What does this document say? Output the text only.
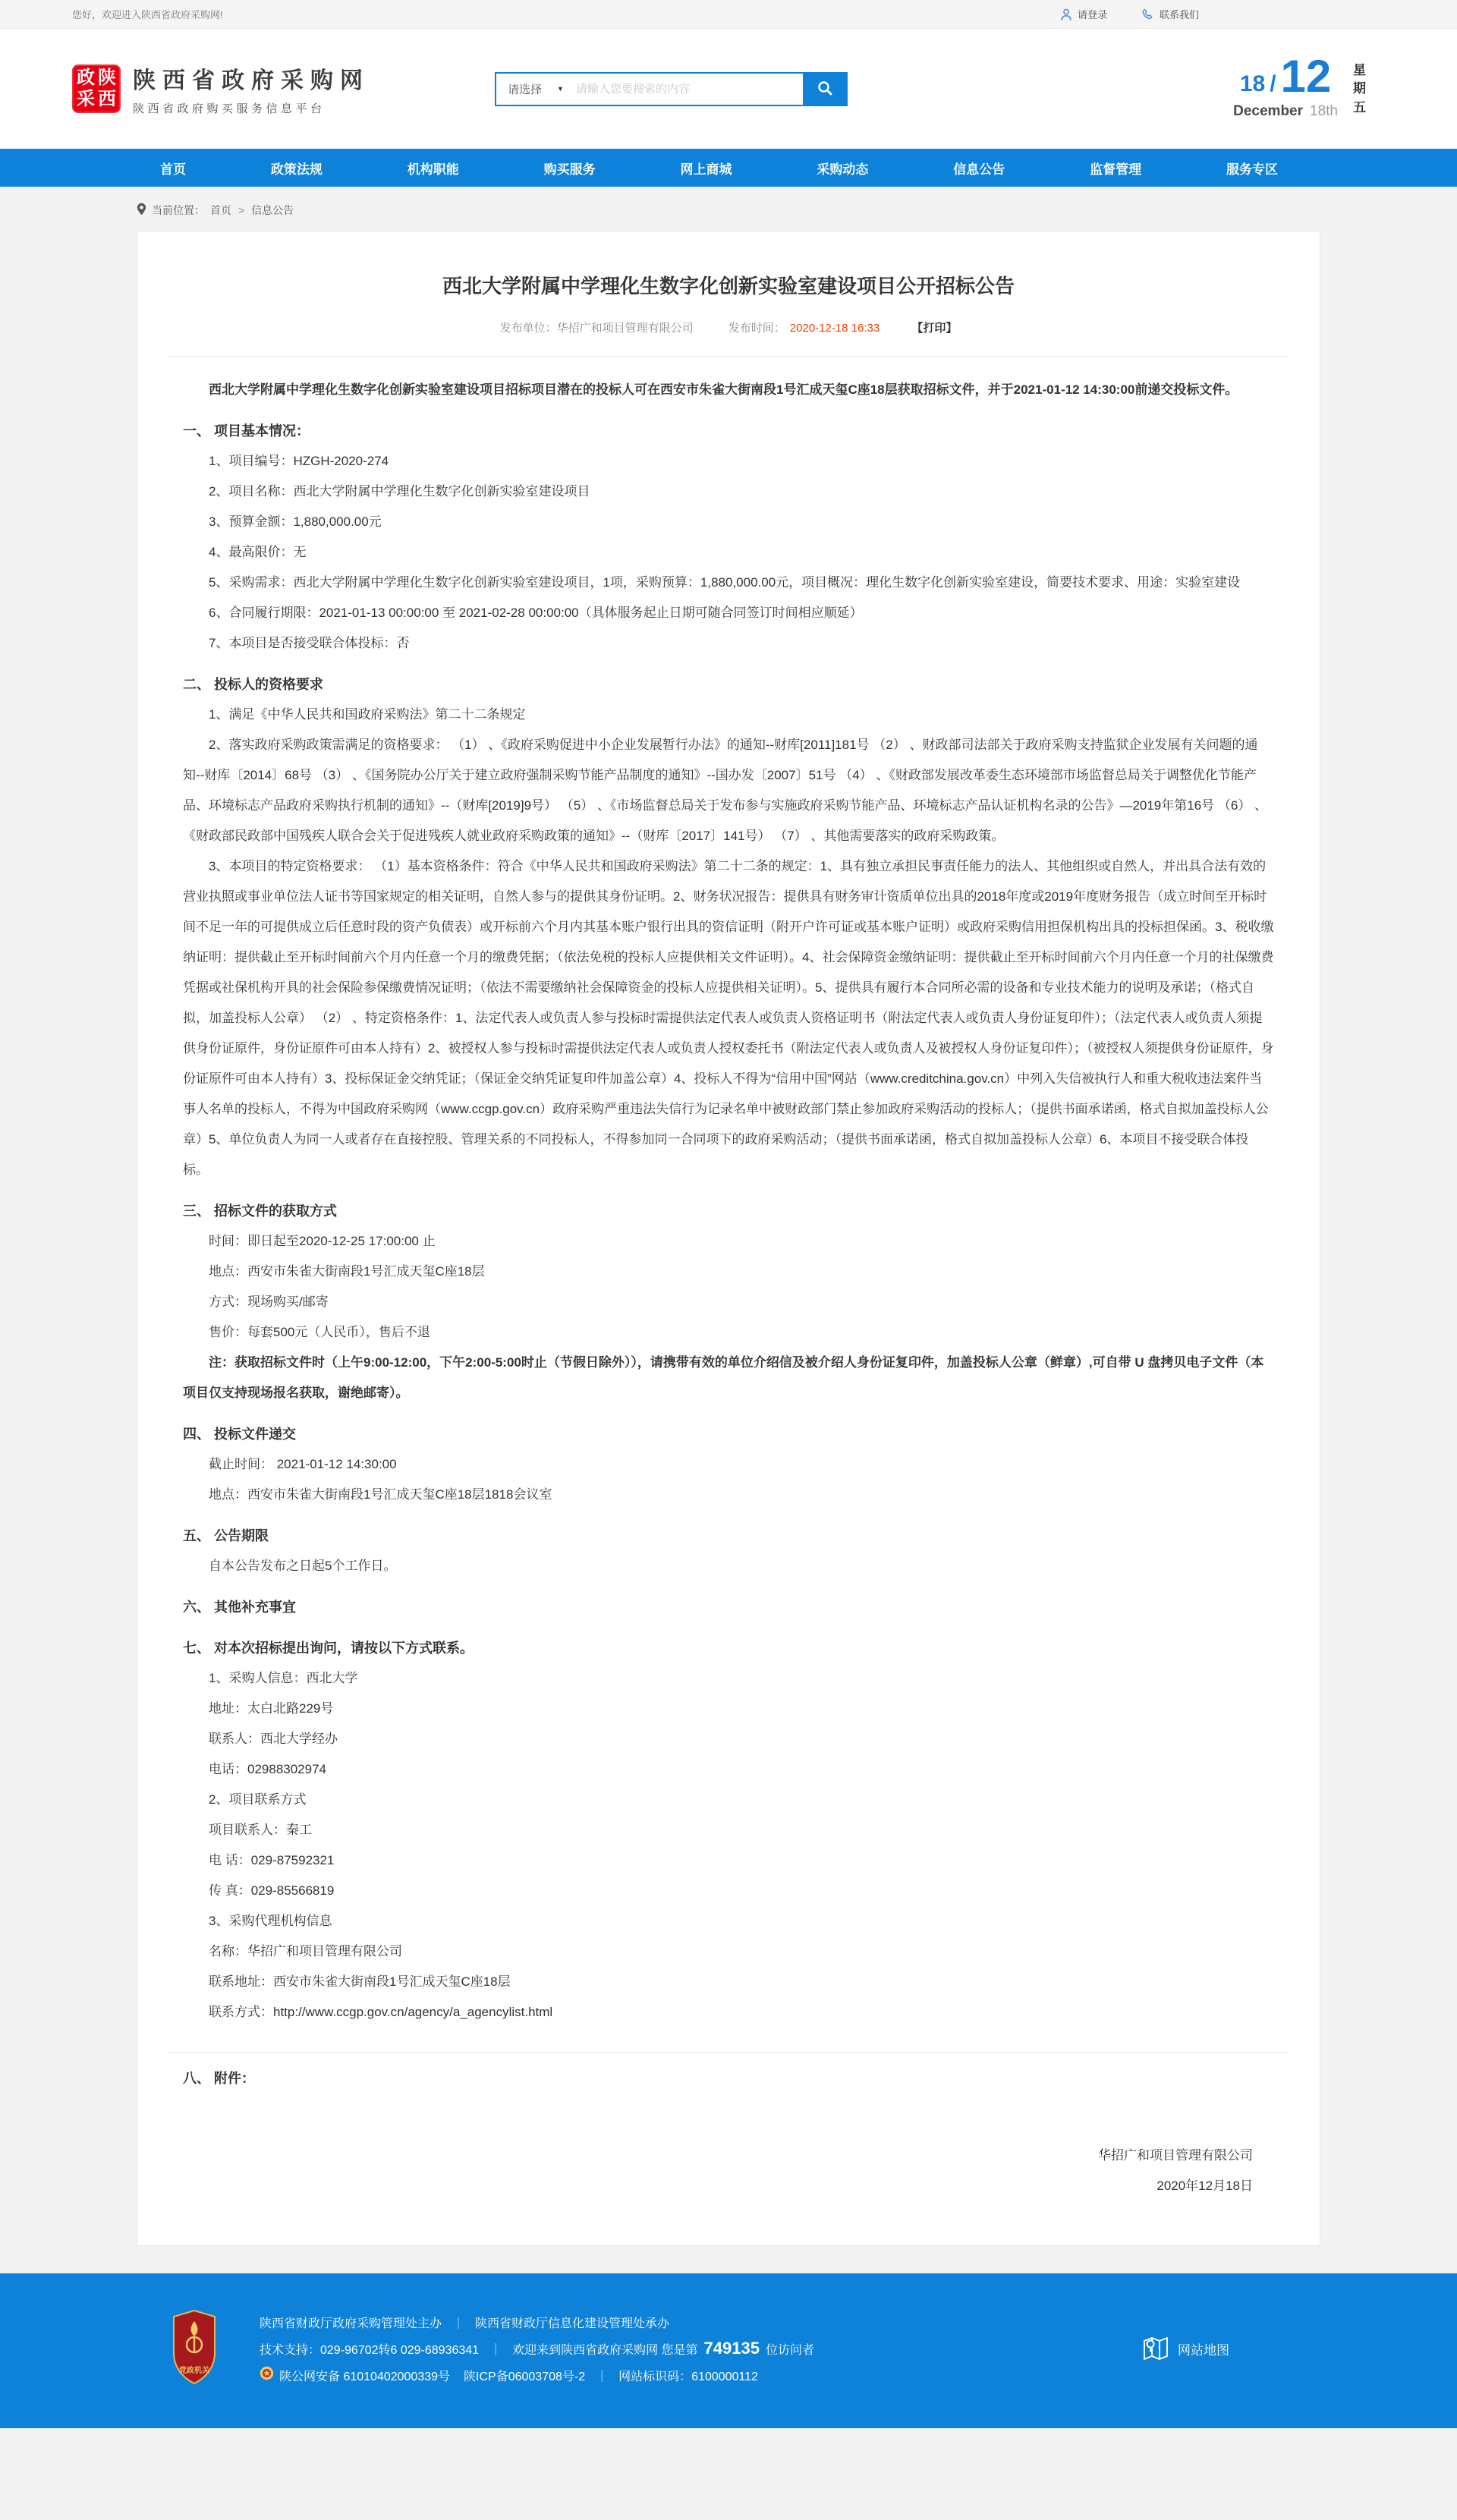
您好，欢迎进入陕西省政府采购网!	请登录	联系我们
政 陕
采 西
陕西省政府采购网
陕西省政府购买服务信息平台
请选择 ▼
请输入您要搜索的内容	18 / 12
December 18th
星
期
五
首页	政策法规	机构职能	购买服务	网上商城	采购动态	信息公告	监督管理	服务专区
当前位置： 首页 > 信息公告
西北大学附属中学理化生数字化创新实验室建设项目公开招标公告
发布单位：华招广和项目管理有限公司	发布时间： 2020-12-18 16:33	【打印】

西北大学附属中学理化生数字化创新实验室建设项目招标项目潜在的投标人可在西安市朱雀大街南段1号汇成天玺C座18层获取招标文件，并于2021-01-12 14:30:00前递交投标文件。

一、 项目基本情况：

1、项目编号：HZGH-2020-274

2、项目名称：西北大学附属中学理化生数字化创新实验室建设项目

3、预算金额：1,880,000.00元

4、最高限价：无

5、采购需求：西北大学附属中学理化生数字化创新实验室建设项目，1项，采购预算：1,880,000.00元，项目概况：理化生数字化创新实验室建设，简要技术要求、用途：实验室建设

6、合同履行期限：2021-01-13 00:00:00 至 2021-02-28 00:00:00（具体服务起止日期可随合同签订时间相应顺延）

7、本项目是否接受联合体投标：否

二、 投标人的资格要求

1、满足《中华人民共和国政府采购法》第二十二条规定

2、落实政府采购政策需满足的资格要求： （1） 、《政府采购促进中小企业发展暂行办法》的通知--财库[2011]181号 （2） 、财政部司法部关于政府采购支持监狱企业发展有关问题的通知--财库〔2014〕68号 （3） 、《国务院办公厅关于建立政府强制采购节能产品制度的通知》--国办发〔2007〕51号 （4） 、《财政部发展改革委生态环境部市场监督总局关于调整优化节能产品、环境标志产品政府采购执行机制的通知》--（财库[2019]9号） （5） 、《市场监督总局关于发布参与实施政府采购节能产品、环境标志产品认证机构名录的公告》—2019年第16号 （6） 、《财政部民政部中国残疾人联合会关于促进残疾人就业政府采购政策的通知》--（财库〔2017〕141号） （7） 、其他需要落实的政府采购政策。

3、本项目的特定资格要求： （1）基本资格条件：符合《中华人民共和国政府采购法》第二十二条的规定：1、具有独立承担民事责任能力的法人、其他组织或自然人，并出具合法有效的营业执照或事业单位法人证书等国家规定的相关证明，自然人参与的提供其身份证明。2、财务状况报告：提供具有财务审计资质单位出具的2018年度或2019年度财务报告（成立时间至开标时间不足一年的可提供成立后任意时段的资产负债表）或开标前六个月内其基本账户银行出具的资信证明（附开户许可证或基本账户证明）或政府采购信用担保机构出具的投标担保函。3、税收缴纳证明：提供截止至开标时间前六个月内任意一个月的缴费凭据；（依法免税的投标人应提供相关文件证明）。4、社会保障资金缴纳证明：提供截止至开标时间前六个月内任意一个月的社保缴费凭据或社保机构开具的社会保险参保缴费情况证明；（依法不需要缴纳社会保障资金的投标人应提供相关证明）。5、提供具有履行本合同所必需的设备和专业技术能力的说明及承诺；（格式自拟，加盖投标人公章） （2） 、特定资格条件：1、法定代表人或负责人参与投标时需提供法定代表人或负责人资格证明书（附法定代表人或负责人身份证复印件）；（法定代表人或负责人须提供身份证原件，身份证原件可由本人持有）2、被授权人参与投标时需提供法定代表人或负责人授权委托书（附法定代表人或负责人及被授权人身份证复印件）；（被授权人须提供身份证原件，身份证原件可由本人持有）3、投标保证金交纳凭证；（保证金交纳凭证复印件加盖公章）4、投标人不得为“信用中国”网站（www.creditchina.gov.cn）中列入失信被执行人和重大税收违法案件当事人名单的投标人，不得为中国政府采购网（www.ccgp.gov.cn）政府采购严重违法失信行为记录名单中被财政部门禁止参加政府采购活动的投标人；（提供书面承诺函，格式自拟加盖投标人公章）5、单位负责人为同一人或者存在直接控股、管理关系的不同投标人，不得参加同一合同项下的政府采购活动；（提供书面承诺函，格式自拟加盖投标人公章）6、本项目不接受联合体投标。

三、 招标文件的获取方式

时间：即日起至2020-12-25 17:00:00 止

地点：西安市朱雀大街南段1号汇成天玺C座18层

方式：现场购买/邮寄

售价：每套500元（人民币），售后不退

注：获取招标文件时（上午9:00-12:00，下午2:00-5:00时止（节假日除外）），请携带有效的单位介绍信及被介绍人身份证复印件，加盖投标人公章（鲜章）,可自带 U 盘拷贝电子文件（本项目仅支持现场报名获取，谢绝邮寄）。

四、 投标文件递交

截止时间： 2021-01-12 14:30:00

地点：西安市朱雀大街南段1号汇成天玺C座18层1818会议室

五、 公告期限

自本公告发布之日起5个工作日。

六、 其他补充事宜
七、 对本次招标提出询问，请按以下方式联系。

1、采购人信息：西北大学

地址：太白北路229号

联系人：西北大学经办

电话：02988302974

2、项目联系方式

项目联系人：秦工

电 话：029-87592321

传 真：029-85566819

3、采购代理机构信息

名称：华招广和项目管理有限公司

联系地址：西安市朱雀大街南段1号汇成天玺C座18层

联系方式：http://www.ccgp.gov.cn/agency/a_agencylist.html

八、 附件：
华招广和项目管理有限公司
2020年12月18日
党政机关
陕西省财政厅政府采购管理处主办 ｜ 陕西省财政厅信息化建设管理处承办
技术支持：029-96702转6 029-68936341 ｜ 欢迎来到陕西省政府采购网 您是第 749135 位访问者
陕公网安备 61010402000339号 陕ICP备06003708号-2 ｜ 网站标识码：6100000112
网站地图
